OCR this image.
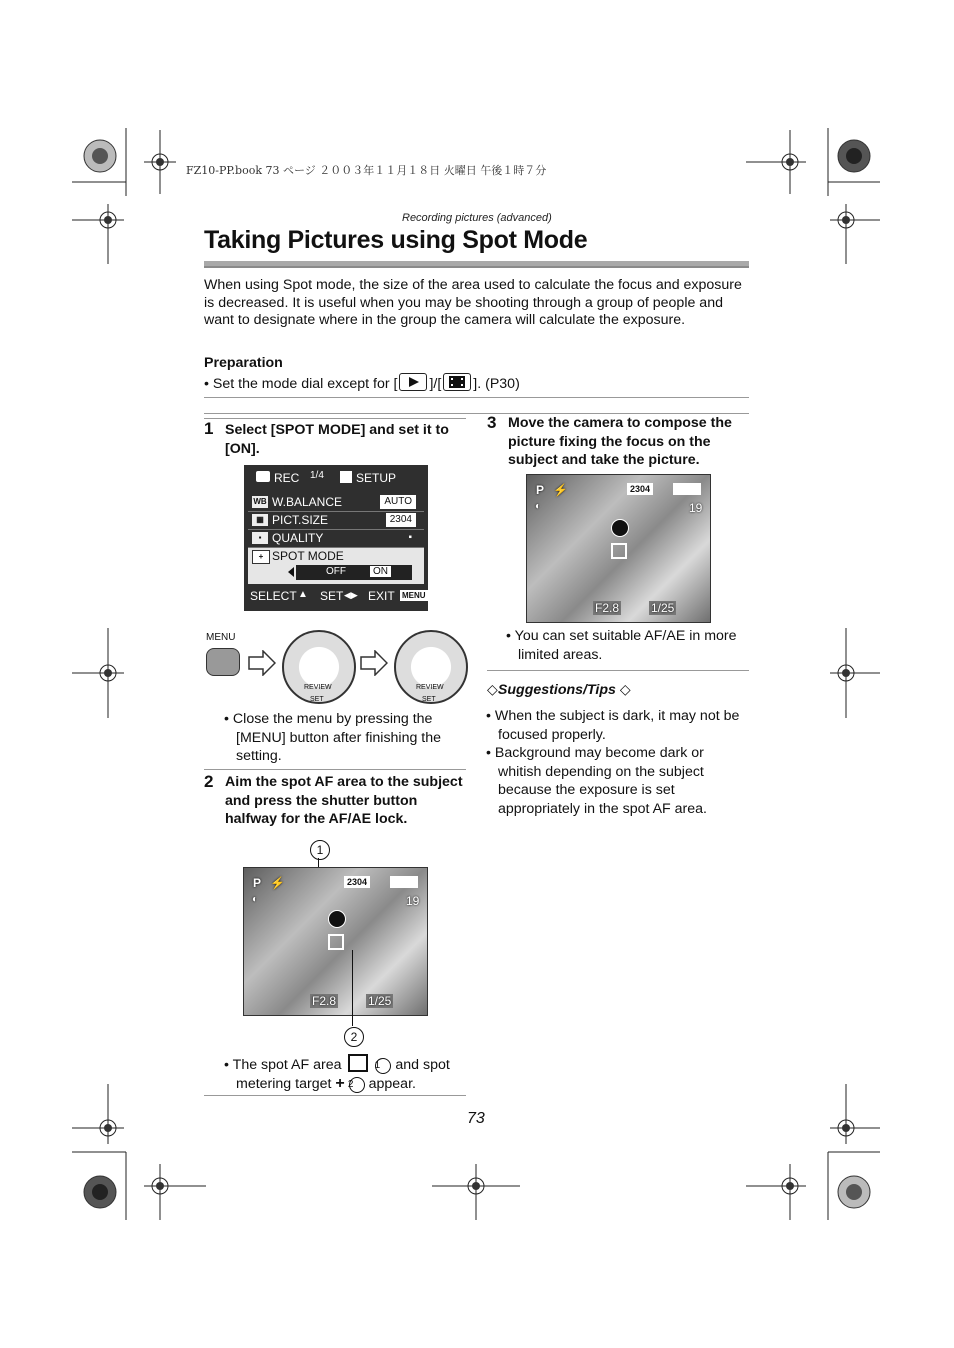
FZ10-PP.book 73 ページ ２００３年１１月１８日 火曜日 午後１時７分
Recording pictures (advanced)
Taking Pictures using Spot Mode
When using Spot mode, the size of the area used to calculate the focus and exposure is decreased. It is useful when you may be shooting through a group of people and want to designate where in the group the camera will calculate the exposure.
Preparation
• Set the mode dial except for [ ]/[ ]. (P30)
1 Select [SPOT MODE] and set it to [ON].
REC 1/4	SETUP
WB W.BALANCE	AUTO
▦ PICT.SIZE	2304
▪ QUALITY	▪
+ SPOT MODE
OFF	ON
SELECT ▲ SET ◀▶ EXIT MENU
MENU
REVIEW
SET
REVIEW
SET
• Close the menu by pressing the [MENU] button after finishing the setting.
2 Aim the spot AF area to the subject and press the shutter button halfway for the AF/AE lock.
1
P ⚡
◐
2304
19
F2.8	1/25
2
• The spot AF area	1 and spot metering target + 2 appear.
3 Move the camera to compose the picture fixing the focus on the subject and take the picture.
P ⚡
◐
2304
19
F2.8	1/25
• You can set suitable AF/AE in more limited areas.
◇Suggestions/Tips ◇
• When the subject is dark, it may not be focused properly.
• Background may become dark or whitish depending on the subject because the exposure is set appropriately in the spot AF area.
73
